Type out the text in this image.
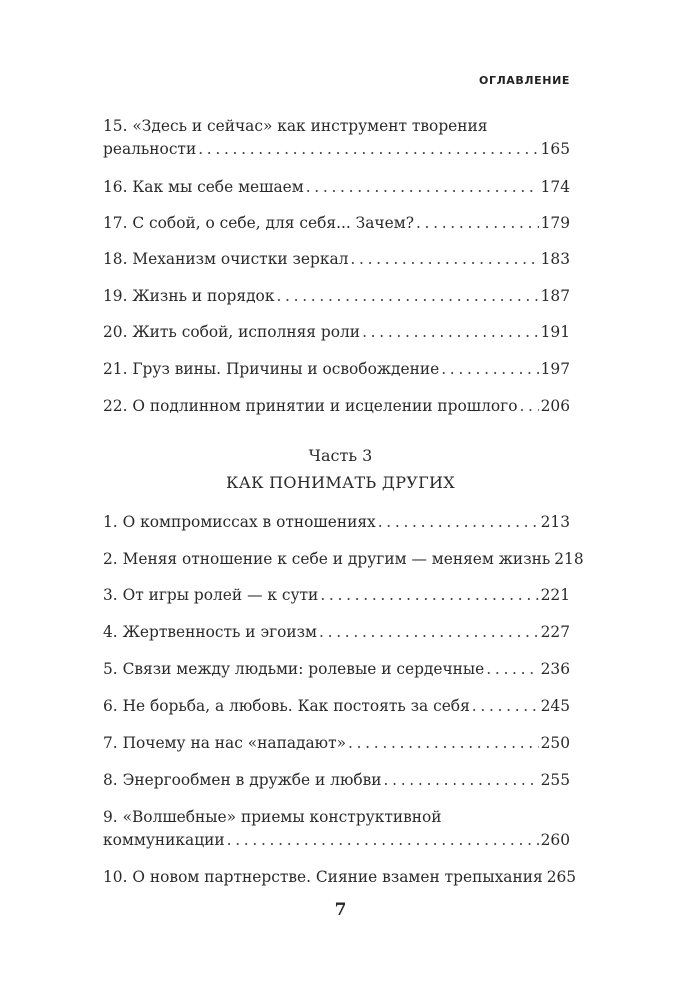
ОГЛАВЛЕНИЕ
15. «Здесь и сейчас» как инструмент творения
реальности . . .	165
16. Как мы себе мешаем . . .	174
17. С собой, о себе, для себя... Зачем? . . .	179
18. Механизм очистки зеркал . . .	183
19. Жизнь и порядок . . .	187
20. Жить собой, исполняя роли . . .	191
21. Груз вины. Причины и освобождение . . .	197
22. О подлинном принятии и исцелении прошлого . . . 206
Часть 3
КАК ПОНИМАТЬ ДРУГИХ
1. О компромиссах в отношениях . . .	213
2. Меняя отношение к себе и другим — меняем жизнь 218
3. От игры ролей — к сути . . .	221
4. Жертвенность и эгоизм . . .	227
5. Связи между людьми: ролевые и сердечные . . .	236
6. Не борьба, а любовь. Как постоять за себя . . .	245
7. Почему на нас «нападают» . . .	250
8. Энергообмен в дружбе и любви . . .	255
9. «Волшебные» приемы конструктивной
коммуникации . . .	260
10. О новом партнерстве. Сияние взамен трепыхания 265
7
